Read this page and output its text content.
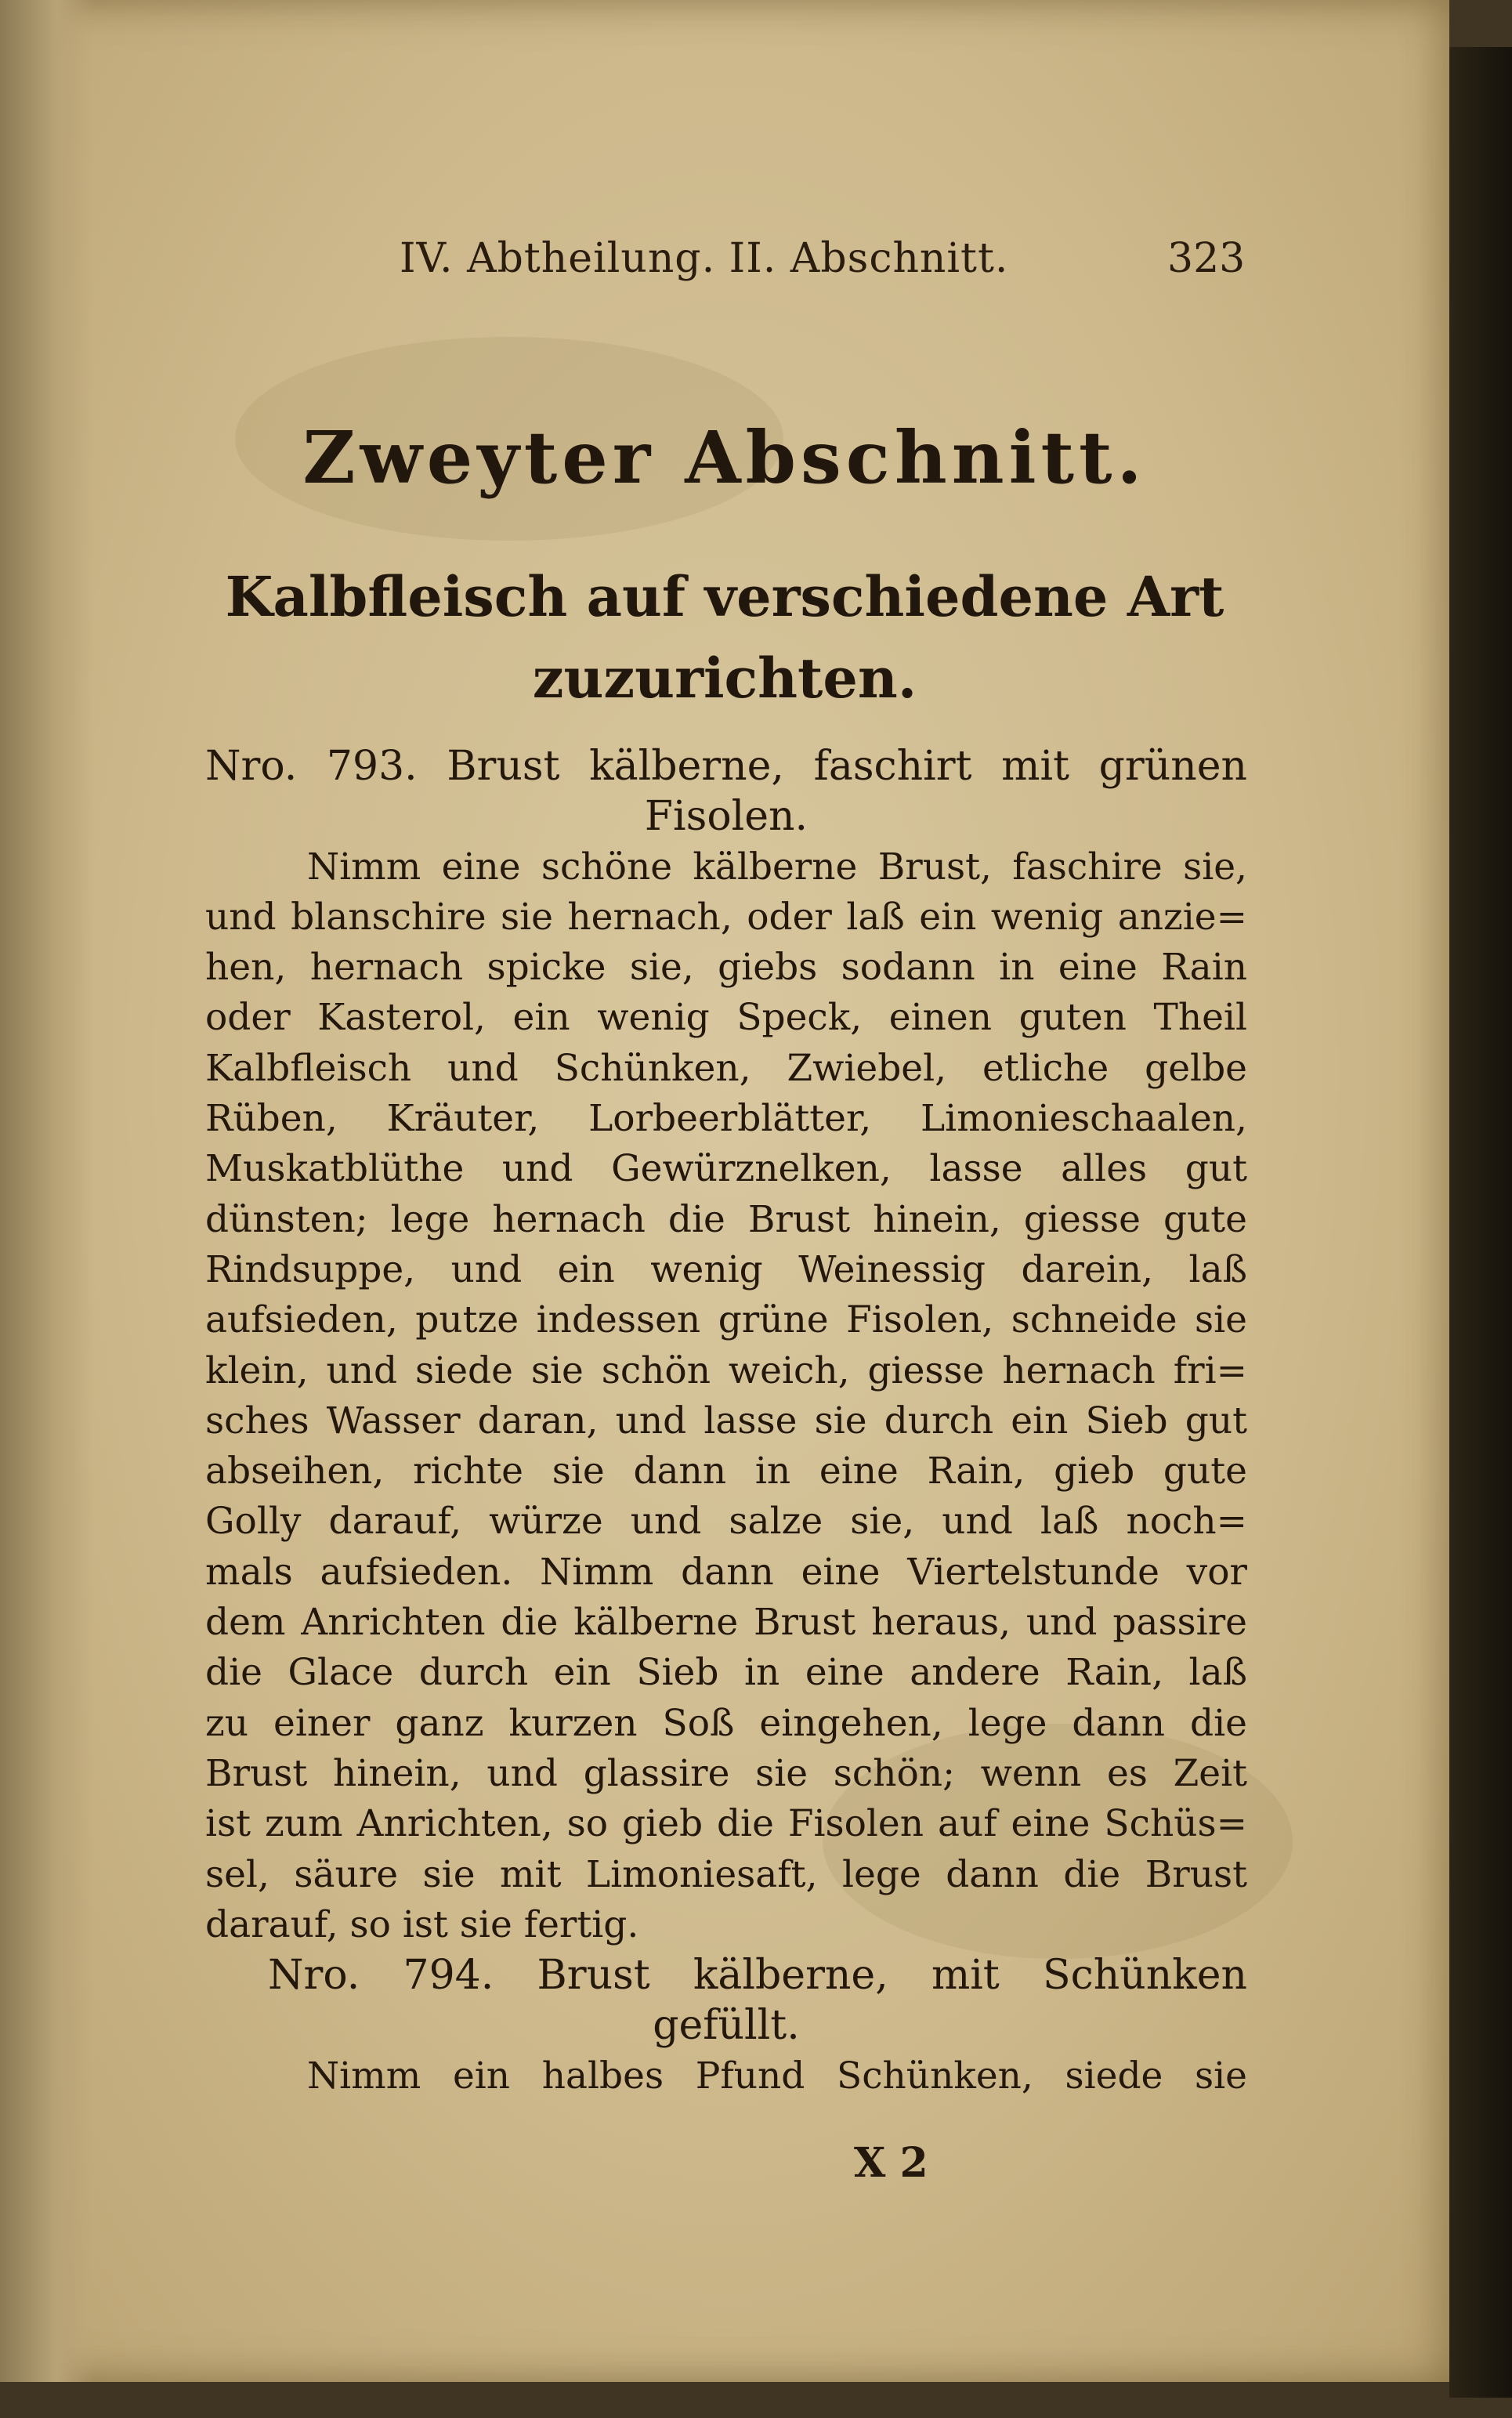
IV. Abtheilung. II. Abschnitt.	323
Zweyter Abschnitt.
Kalbfleisch auf verschiedene Art
zuzurichten.
Nro. 793. Brust kälberne, faschirt mit grünen
Fisolen.
Nimm eine schöne kälberne Brust, faschire sie,
und blanschire sie hernach, oder laß ein wenig anzie=
hen, hernach spicke sie, giebs sodann in eine Rain
oder Kasterol, ein wenig Speck, einen guten Theil
Kalbfleisch und Schünken, Zwiebel, etliche gelbe
Rüben, Kräuter, Lorbeerblätter, Limonieschaalen,
Muskatblüthe und Gewürznelken, lasse alles gut
dünsten; lege hernach die Brust hinein, giesse gute
Rindsuppe, und ein wenig Weinessig darein, laß
aufsieden, putze indessen grüne Fisolen, schneide sie
klein, und siede sie schön weich, giesse hernach fri=
sches Wasser daran, und lasse sie durch ein Sieb gut
abseihen, richte sie dann in eine Rain, gieb gute
Golly darauf, würze und salze sie, und laß noch=
mals aufsieden. Nimm dann eine Viertelstunde vor
dem Anrichten die kälberne Brust heraus, und passire
die Glace durch ein Sieb in eine andere Rain, laß
zu einer ganz kurzen Soß eingehen, lege dann die
Brust hinein, und glassire sie schön; wenn es Zeit
ist zum Anrichten, so gieb die Fisolen auf eine Schüs=
sel, säure sie mit Limoniesaft, lege dann die Brust
darauf, so ist sie fertig.
Nro. 794. Brust kälberne, mit Schünken
gefüllt.
Nimm ein halbes Pfund Schünken, siede sie
X 2
